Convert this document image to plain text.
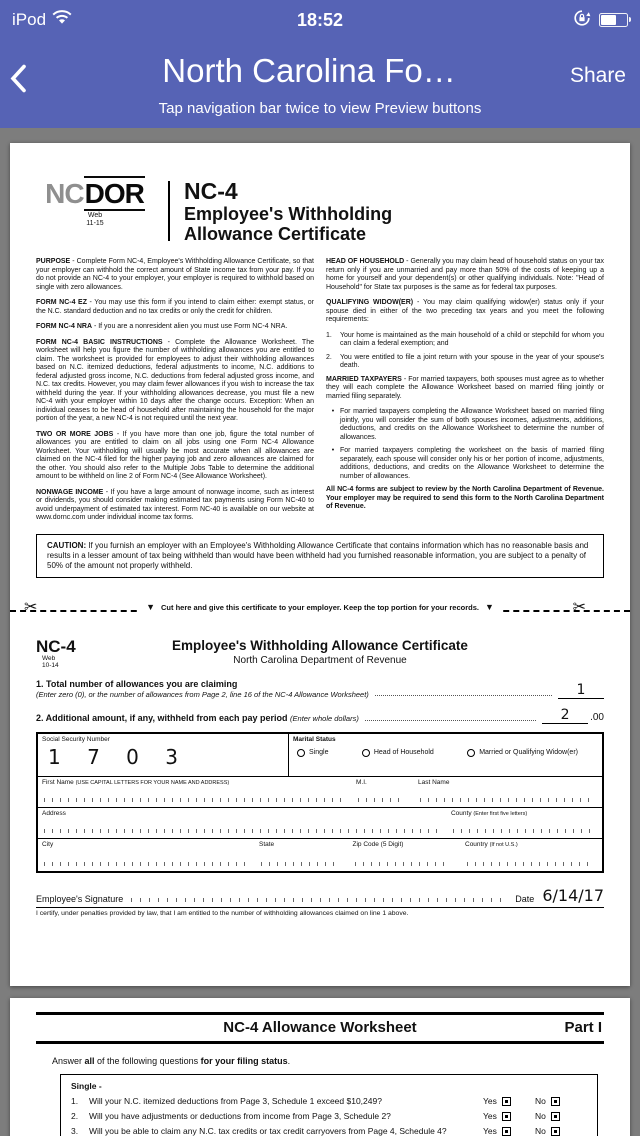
iPod	18:52
North Carolina Fo…	Share
Tap navigation bar twice to view Preview buttons
NCDOR
Web
11-15
NC-4
Employee's Withholding
Allowance Certificate

PURPOSE - Complete Form NC-4, Employee's Withholding Allowance Certificate, so that your employer can withhold the correct amount of State income tax from your pay. If you do not provide an NC-4 to your employer, your employer is required to withhold based on single with zero allowances.

FORM NC-4 EZ - You may use this form if you intend to claim either: exempt status, or the N.C. standard deduction and no tax credits or only the credit for children.

FORM NC-4 NRA - If you are a nonresident alien you must use Form NC-4 NRA.

FORM NC-4 BASIC INSTRUCTIONS - Complete the Allowance Worksheet. The worksheet will help you figure the number of withholding allowances you are entitled to claim. The worksheet is provided for employees to adjust their withholding allowances based on N.C. itemized deductions, federal adjustments to income, N.C. additions to federal adjusted gross income, N.C. deductions from federal adjusted gross income, and N.C. tax credits. However, you may claim fewer allowances if you wish to increase the tax withheld during the year. If your withholding allowances decrease, you must file a new NC-4 with your employer within 10 days after the change occurs. Exception: When an individual ceases to be head of household after maintaining the household for the major portion of the year, a new NC-4 is not required until the next year.

TWO OR MORE JOBS - If you have more than one job, figure the total number of allowances you are entitled to claim on all jobs using one Form NC-4 Allowance Worksheet. Your withholding will usually be most accurate when all allowances are claimed on the NC-4 filed for the higher paying job and zero allowances are claimed for the other. You should also refer to the Multiple Jobs Table to determine the additional amount to be withheld on line 2 of Form NC-4 (See Allowance Worksheet).

NONWAGE INCOME - If you have a large amount of nonwage income, such as interest or dividends, you should consider making estimated tax payments using Form NC-40 to avoid underpayment of estimated tax interest. Form NC-40 is available on our website at www.dornc.com under individual income tax forms.

HEAD OF HOUSEHOLD - Generally you may claim head of household status on your tax return only if you are unmarried and pay more than 50% of the costs of keeping up a home for yourself and your dependent(s) or other qualifying individuals. Note: "Head of Household" for State tax purposes is the same as for federal tax purposes.

QUALIFYING WIDOW(ER) - You may claim qualifying widow(er) status only if your spouse died in either of the two preceding tax years and you meet the following requirements:

1.	Your home is maintained as the main household of a child or stepchild for whom you can claim a federal exemption; and
2.	You were entitled to file a joint return with your spouse in the year of your spouse's death.

MARRIED TAXPAYERS - For married taxpayers, both spouses must agree as to whether they will each complete the Allowance Worksheet based on married filing jointly or married filing separately.

• For married taxpayers completing the Allowance Worksheet based on married filing jointly, you will consider the sum of both spouses incomes, adjustments, additions, deductions, and credits on the Allowance Worksheet to determine the number of allowances.
• For married taxpayers completing the worksheet on the basis of married filing separately, each spouse will consider only his or her portion of income, adjustments, additions, deductions, and credits on the Allowance Worksheet to determine the number of allowances.

All NC-4 forms are subject to review by the North Carolina Department of Revenue. Your employer may be required to send this form to the North Carolina Department of Revenue.

CAUTION: If you furnish an employer with an Employee's Withholding Allowance Certificate that contains information which has no reasonable basis and results in a lesser amount of tax being withheld than would have been withheld had you furnished reasonable information, you are subject to a penalty of 50% of the amount not properly withheld.
✂	▼ Cut here and give this certificate to your employer. Keep the top portion for your records. ▼	✂
NC-4
Web
10-14
Employee's Withholding Allowance Certificate
North Carolina Department of Revenue
1. Total number of allowances you are claiming
(Enter zero (0), or the number of allowances from Page 2, line 16 of the NC-4 Allowance Worksheet)	1
2. Additional amount, if any, withheld from each pay period (Enter whole dollars)	2	.00
Social Security Number
1 7 0 3
Marital Status
Single	Head of Household	Married or Qualifying Widow(er)
First Name (USE CAPITAL LETTERS FOR YOUR NAME AND ADDRESS)	M.I.	Last Name
Address	County (Enter first five letters)
City	State	Zip Code (5 Digit)	Country (If not U.S.)
Employee's Signature	Date 6/14/17
I certify, under penalties provided by law, that I am entitled to the number of withholding allowances claimed on line 1 above.
NC-4 Allowance Worksheet	Part I
Answer all of the following questions for your filing status.
Single -
1.	Will your N.C. itemized deductions from Page 3, Schedule 1 exceed $10,249?	Yes	No
2.	Will you have adjustments or deductions from income from Page 3, Schedule 2?	Yes	No
3.	Will you be able to claim any N.C. tax credits or tax credit carryovers from Page 4, Schedule 4?	Yes	No
